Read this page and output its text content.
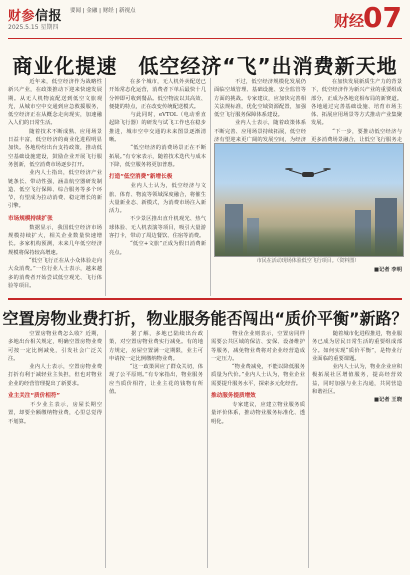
财参信报 要闻 | 金融 | 财经 | 新视点
2025.5.15 星期四	财经 07
商业化提速　低空经济“飞”出消费新天地

　　近年来，低空经济作为战略性新兴产业，在政策推动下迎来快速发展期。从无人机物流配送到低空文旅观光，从城市空中交通到应急救援服务，低空经济正在从概念走向现实，加速融入人们的日常生活。

　　随着技术不断成熟、应用场景日益丰富，低空经济的商业化进程明显加快。各地纷纷出台支持政策，推动低空基础设施建设，鼓励企业开展飞行服务创新，低空消费市场逐步打开。

　　业内人士指出，低空经济产业链条长、带动性强，涵盖航空器研发制造、低空飞行保障、综合服务等多个环节，有望成为拉动消费、稳定增长的新引擎。

市场规模持续扩张

　　数据显示，我国低空经济市场规模持续扩大，相关企业数量快速增长。多家机构预测，未来几年低空经济规模将保持较高增速。

　　“低空飞行正在从小众体验走向大众消费。”一位行业人士表示，越来越多的消费者开始尝试低空观光、飞行体验等项目。

　　在多个城市，无人机外卖配送已开始常态化运营，消费者下单后最快十几分钟即可收到餐品。低空物流以其高效、便捷的特点，正在改变传统配送模式。

　　与此同时，eVTOL（电动垂直起降飞行器）的研发与试飞工作也在稳步推进，城市空中交通的未来图景逐渐清晰。

　　“低空经济的消费场景正在不断拓展。”有专家表示，随着技术迭代与成本下降，低空服务将更加普惠。

打造“低空消费”新增长极

　　业内人士认为，低空经济与文旅、体育、物流等领域深度融合，将催生大量新业态、新模式，为消费市场注入新活力。

　　不少景区推出直升机观光、热气球体验、无人机表演等项目，吸引大量游客打卡，带动了周边餐饮、住宿等消费。

　　“低空+文旅”正成为假日消费新亮点。

　　不过，低空经济规模化发展仍面临空域管理、基础设施、安全监管等方面的挑战。专家建议，应加快完善相关法规标准，优化空域资源配置，加强低空飞行服务保障体系建设。

　　业内人士表示，随着政策体系不断完善、应用场景持续拓展，低空经济有望迎来更广阔的发展空间，为经济

　　在加快发展新质生产力的背景下，低空经济作为新兴产业的重要组成部分，正成为各地竞相布局的新赛道。各地通过完善基础设施、培育市场主体、拓展应用场景等方式推动产业集聚发展。

　　“下一步，要推动低空经济与更多消费场景融合，让低空飞行服务走

市民在活动现场体验低空飞行项目。（资料图）
■记者 李明
空置房物业费打折，物业服务能否闯出“质价平衡”新路？

　　空置房物业费怎么收？近期，多地出台相关规定，明确空置房物业费可按一定比例减免，引发社会广泛关注。

　　业内人士表示，空置房物业费打折有利于减轻业主负担，但也对物业企业的经营管理提出了新要求。

业主关注“质价相符”

　　不少业主表示，房屋长期空置，却要全额缴纳物业费，心里总觉得不划算。

　　据了解，多地已陆续出台政策，对空置房物业费实行减免。有的地方规定，房屋空置满一定期限，业主可申请按一定比例缴纳物业费。

　　“这一政策回应了群众关切，体现了公平原则。”有专家指出，物业服务应当质价相符，让业主花的钱物有所值。

　　物业企业则表示，空置房同样需要公共区域的保洁、安保、设备维护等服务，减免物业费将对企业经营造成一定压力。

　　“物业费减免，不能以降低服务质量为代价。”业内人士认为，物业企业需要提升服务水平，探索多元化经营。

推动服务提质增效

　　专家建议，应建立物业服务质量评价体系，推动物业服务标准化、透明化。

　　随着城市化进程推进，物业服务已成为居民日常生活的重要组成部分。如何实现“质价平衡”，是物业行业面临的重要课题。

　　业内人士认为，物业企业应积极拓展社区增值服务，提高经营效益，同时加强与业主沟通，共同营造和谐社区。

■记者 王晓
